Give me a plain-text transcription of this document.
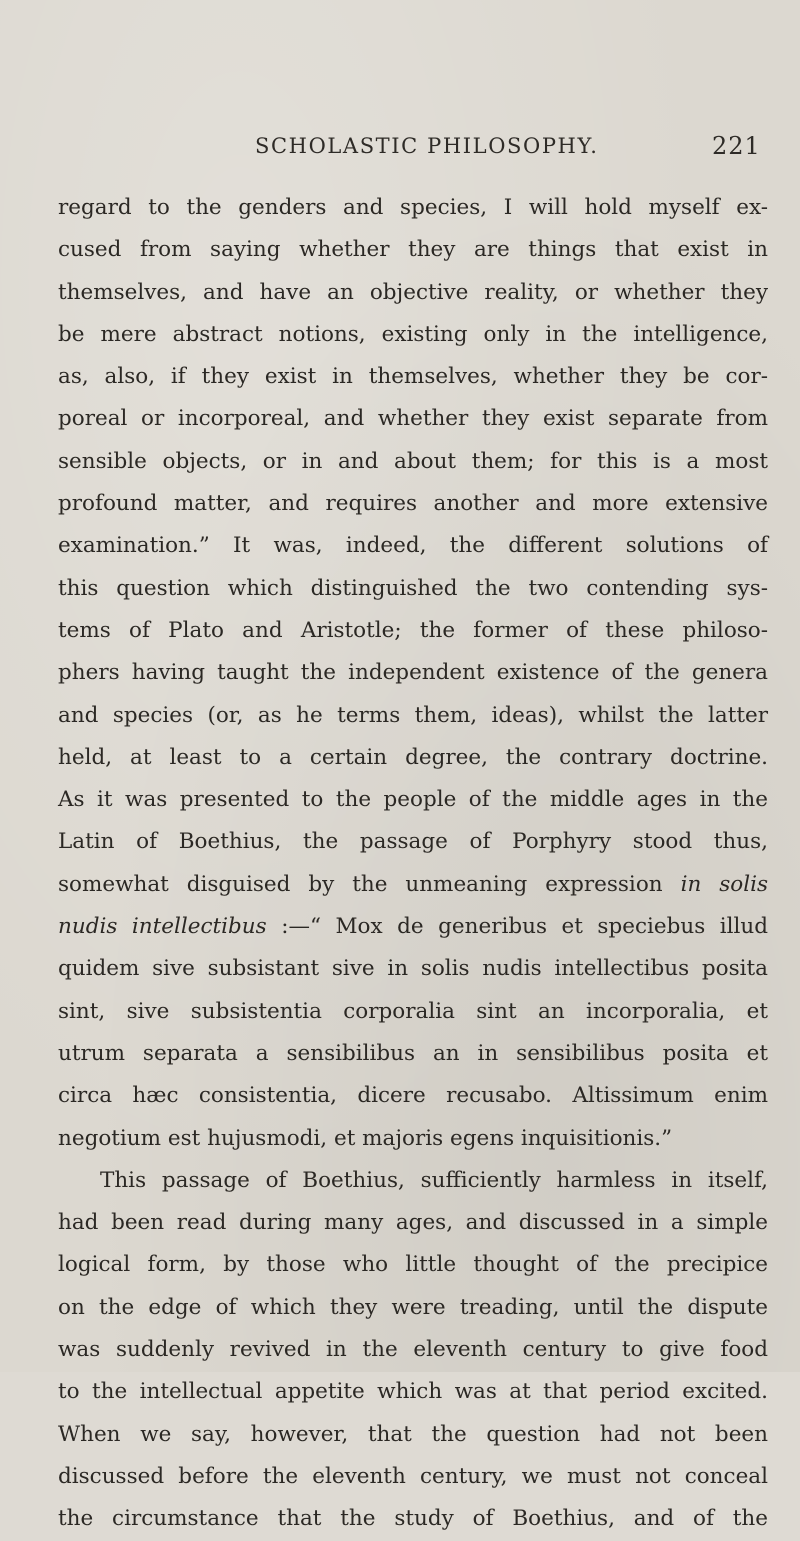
SCHOLASTIC PHILOSOPHY.	221
regard to the genders and species, I will hold myself ex-
cused from saying whether they are things that exist in
themselves, and have an objective reality, or whether they
be mere abstract notions, existing only in the intelligence,
as, also, if they exist in themselves, whether they be cor-
poreal or incorporeal, and whether they exist separate from
sensible objects, or in and about them; for this is a most
profound matter, and requires another and more extensive
examination.” It was, indeed, the different solutions of
this question which distinguished the two contending sys-
tems of Plato and Aristotle; the former of these philoso-
phers having taught the independent existence of the genera
and species (or, as he terms them, ideas), whilst the latter
held, at least to a certain degree, the contrary doctrine.
As it was presented to the people of the middle ages in the
Latin of Boethius, the passage of Porphyry stood thus,
somewhat disguised by the unmeaning expression in solis
nudis intellectibus :—“ Mox de generibus et speciebus illud
quidem sive subsistant sive in solis nudis intellectibus posita
sint, sive subsistentia corporalia sint an incorporalia, et
utrum separata a sensibilibus an in sensibilibus posita et
circa hæc consistentia, dicere recusabo. Altissimum enim
negotium est hujusmodi, et majoris egens inquisitionis.”
This passage of Boethius, sufficiently harmless in itself,
had been read during many ages, and discussed in a simple
logical form, by those who little thought of the precipice
on the edge of which they were treading, until the dispute
was suddenly revived in the eleventh century to give food
to the intellectual appetite which was at that period excited.
When we say, however, that the question had not been
discussed before the eleventh century, we must not conceal
the circumstance that the study of Boethius, and of the
